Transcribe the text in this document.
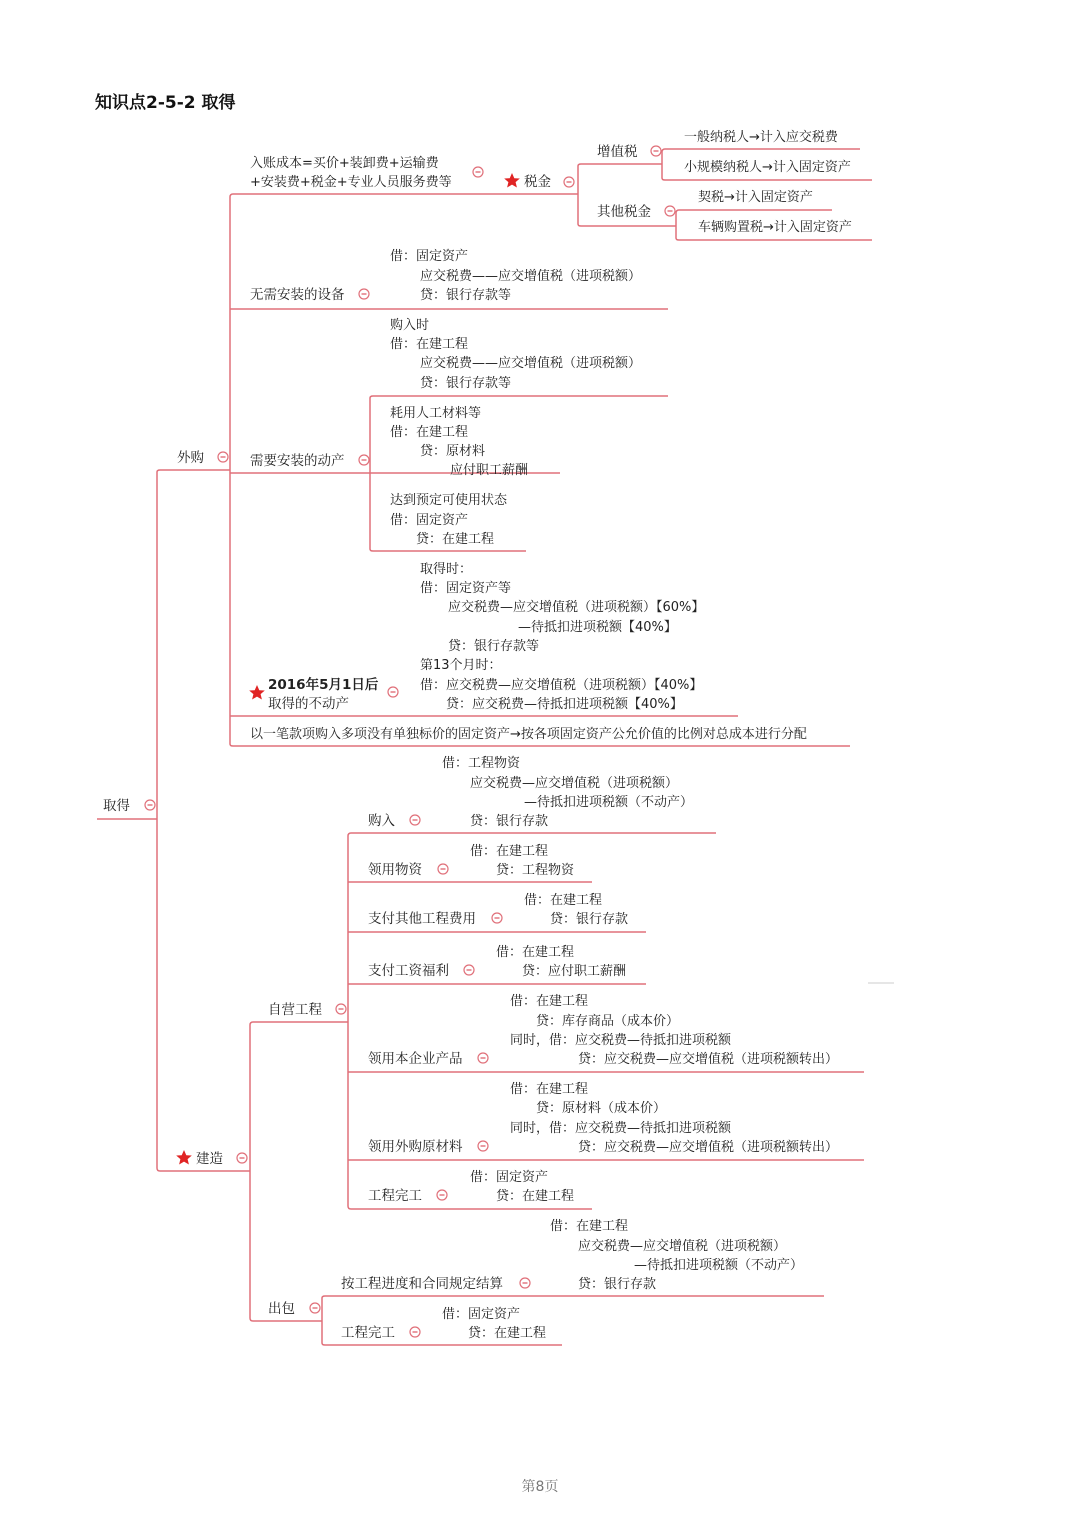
知识点2-5-2 取得
取得
外购
入账成本=买价+装卸费+运输费
+安装费+税金+专业人员服务费等	税金
增值税
其他税金
一般纳税人→计入应交税费
小规模纳税人→计入固定资产
契税→计入固定资产
车辆购置税→计入固定资产
无需安装的设备
借：固定资产
应交税费——应交增值税（进项税额）
贷：银行存款等
需要安装的动产
购入时
借：在建工程
应交税费——应交增值税（进项税额）
贷：银行存款等
耗用人工材料等
借：在建工程
贷：原材料
应付职工薪酬
达到预定可使用状态
借：固定资产
贷：在建工程
2016年5月1日后
取得的不动产
取得时：
借：固定资产等
应交税费—应交增值税（进项税额）【60%】
—待抵扣进项税额【40%】
贷：银行存款等
第13个月时：
借：应交税费—应交增值税（进项税额）【40%】
贷：应交税费—待抵扣进项税额【40%】
以一笔款项购入多项没有单独标价的固定资产→按各项固定资产公允价值的比例对总成本进行分配
建造
自营工程
借：工程物资
应交税费—应交增值税（进项税额）
—待抵扣进项税额（不动产）
贷：银行存款
购入
借：在建工程
贷：工程物资
领用物资
借：在建工程
贷：银行存款
支付其他工程费用
借：在建工程
贷：应付职工薪酬
支付工资福利
借：在建工程
贷：库存商品（成本价）
同时，借：应交税费—待抵扣进项税额
贷：应交税费—应交增值税（进项税额转出）
领用本企业产品
借：在建工程
贷：原材料（成本价）
同时，借：应交税费—待抵扣进项税额
贷：应交税费—应交增值税（进项税额转出）
领用外购原材料
借：固定资产
贷：在建工程
工程完工
出包
借：在建工程
应交税费—应交增值税（进项税额）
—待抵扣进项税额（不动产）
贷：银行存款
按工程进度和合同规定结算
借：固定资产
贷：在建工程
工程完工
第8页
